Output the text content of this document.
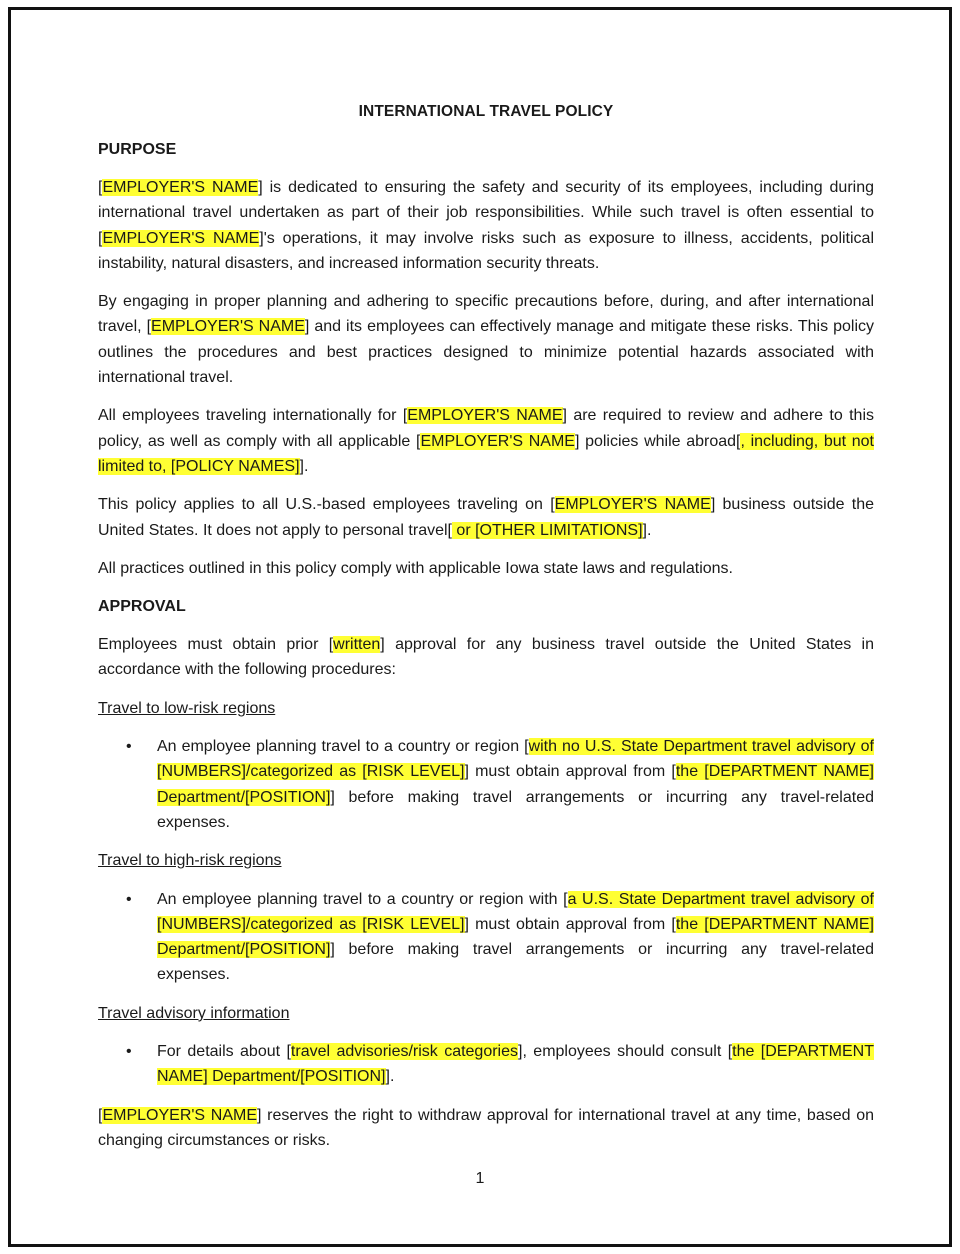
INTERNATIONAL TRAVEL POLICY
PURPOSE

[EMPLOYER'S NAME] is dedicated to ensuring the safety and security of its employees, including during international travel undertaken as part of their job responsibilities. While such travel is often essential to [EMPLOYER'S NAME]'s operations, it may involve risks such as exposure to illness, accidents, political instability, natural disasters, and increased information security threats.

By engaging in proper planning and adhering to specific precautions before, during, and after international travel, [EMPLOYER'S NAME] and its employees can effectively manage and mitigate these risks. This policy outlines the procedures and best practices designed to minimize potential hazards associated with international travel.

All employees traveling internationally for [EMPLOYER'S NAME] are required to review and adhere to this policy, as well as comply with all applicable [EMPLOYER'S NAME] policies while abroad[, including, but not limited to, [POLICY NAMES]].

This policy applies to all U.S.-based employees traveling on [EMPLOYER'S NAME] business outside the United States. It does not apply to personal travel[ or [OTHER LIMITATIONS]].

All practices outlined in this policy comply with applicable Iowa state laws and regulations.

APPROVAL

Employees must obtain prior [written] approval for any business travel outside the United States in accordance with the following procedures:

Travel to low-risk regions
• An employee planning travel to a country or region [with no U.S. State Department travel advisory of [NUMBERS]/categorized as [RISK LEVEL]] must obtain approval from [the [DEPARTMENT NAME] Department/[POSITION]] before making travel arrangements or incurring any travel-related expenses.
Travel to high-risk regions
• An employee planning travel to a country or region with [a U.S. State Department travel advisory of [NUMBERS]/categorized as [RISK LEVEL]] must obtain approval from [the [DEPARTMENT NAME] Department/[POSITION]] before making travel arrangements or incurring any travel-related expenses.
Travel advisory information
• For details about [travel advisories/risk categories], employees should consult [the [DEPARTMENT NAME] Department/[POSITION]].

[EMPLOYER'S NAME] reserves the right to withdraw approval for international travel at any time, based on changing circumstances or risks.

1
